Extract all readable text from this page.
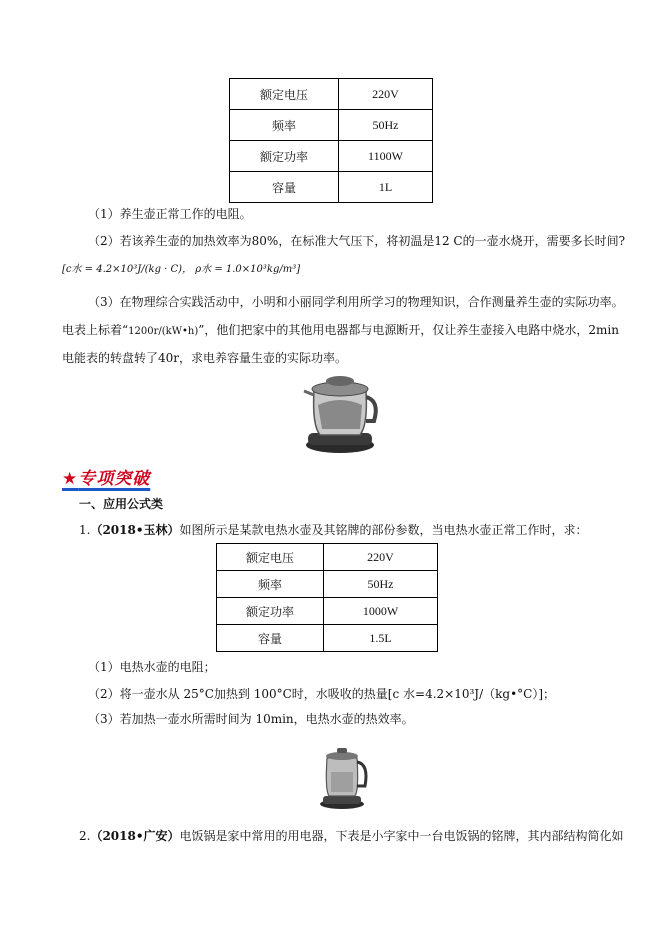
额定电压	220V
频率	50Hz
额定功率	1100W
容量	1L
（1）养生壶正常工作的电阻。
（2）若该养生壶的加热效率为80%，在标准大气压下，将初温是12 C的一壶水烧开，需要多长时间?
[c水 = 4.2×10³J/(kg · C)， ρ水 = 1.0×10³kg/m³]
（3）在物理综合实践活动中，小明和小丽同学利用所学习的物理知识，合作测量养生壶的实际功率。
电表上标着“1200r/(kW•h)”，他们把家中的其他用电器都与电源断开，仅让养生壶接入电路中烧水，2min
电能表的转盘转了40r，求电养容量生壶的实际功率。
★专项突破
一、应用公式类
1.（2018•玉林）如图所示是某款电热水壶及其铭牌的部份参数，当电热水壶正常工作时，求：
额定电压	220V
频率	50Hz
额定功率	1000W
容量	1.5L
（1）电热水壶的电阻；
（2）将一壶水从 25°C加热到 100°C时，水吸收的热量[c 水=4.2×10³J/（kg•°C）]；
（3）若加热一壶水所需时间为 10min，电热水壶的热效率。
2.（2018•广安）电饭锅是家中常用的用电器，下表是小字家中一台电饭锅的铭牌，其内部结构简化如
